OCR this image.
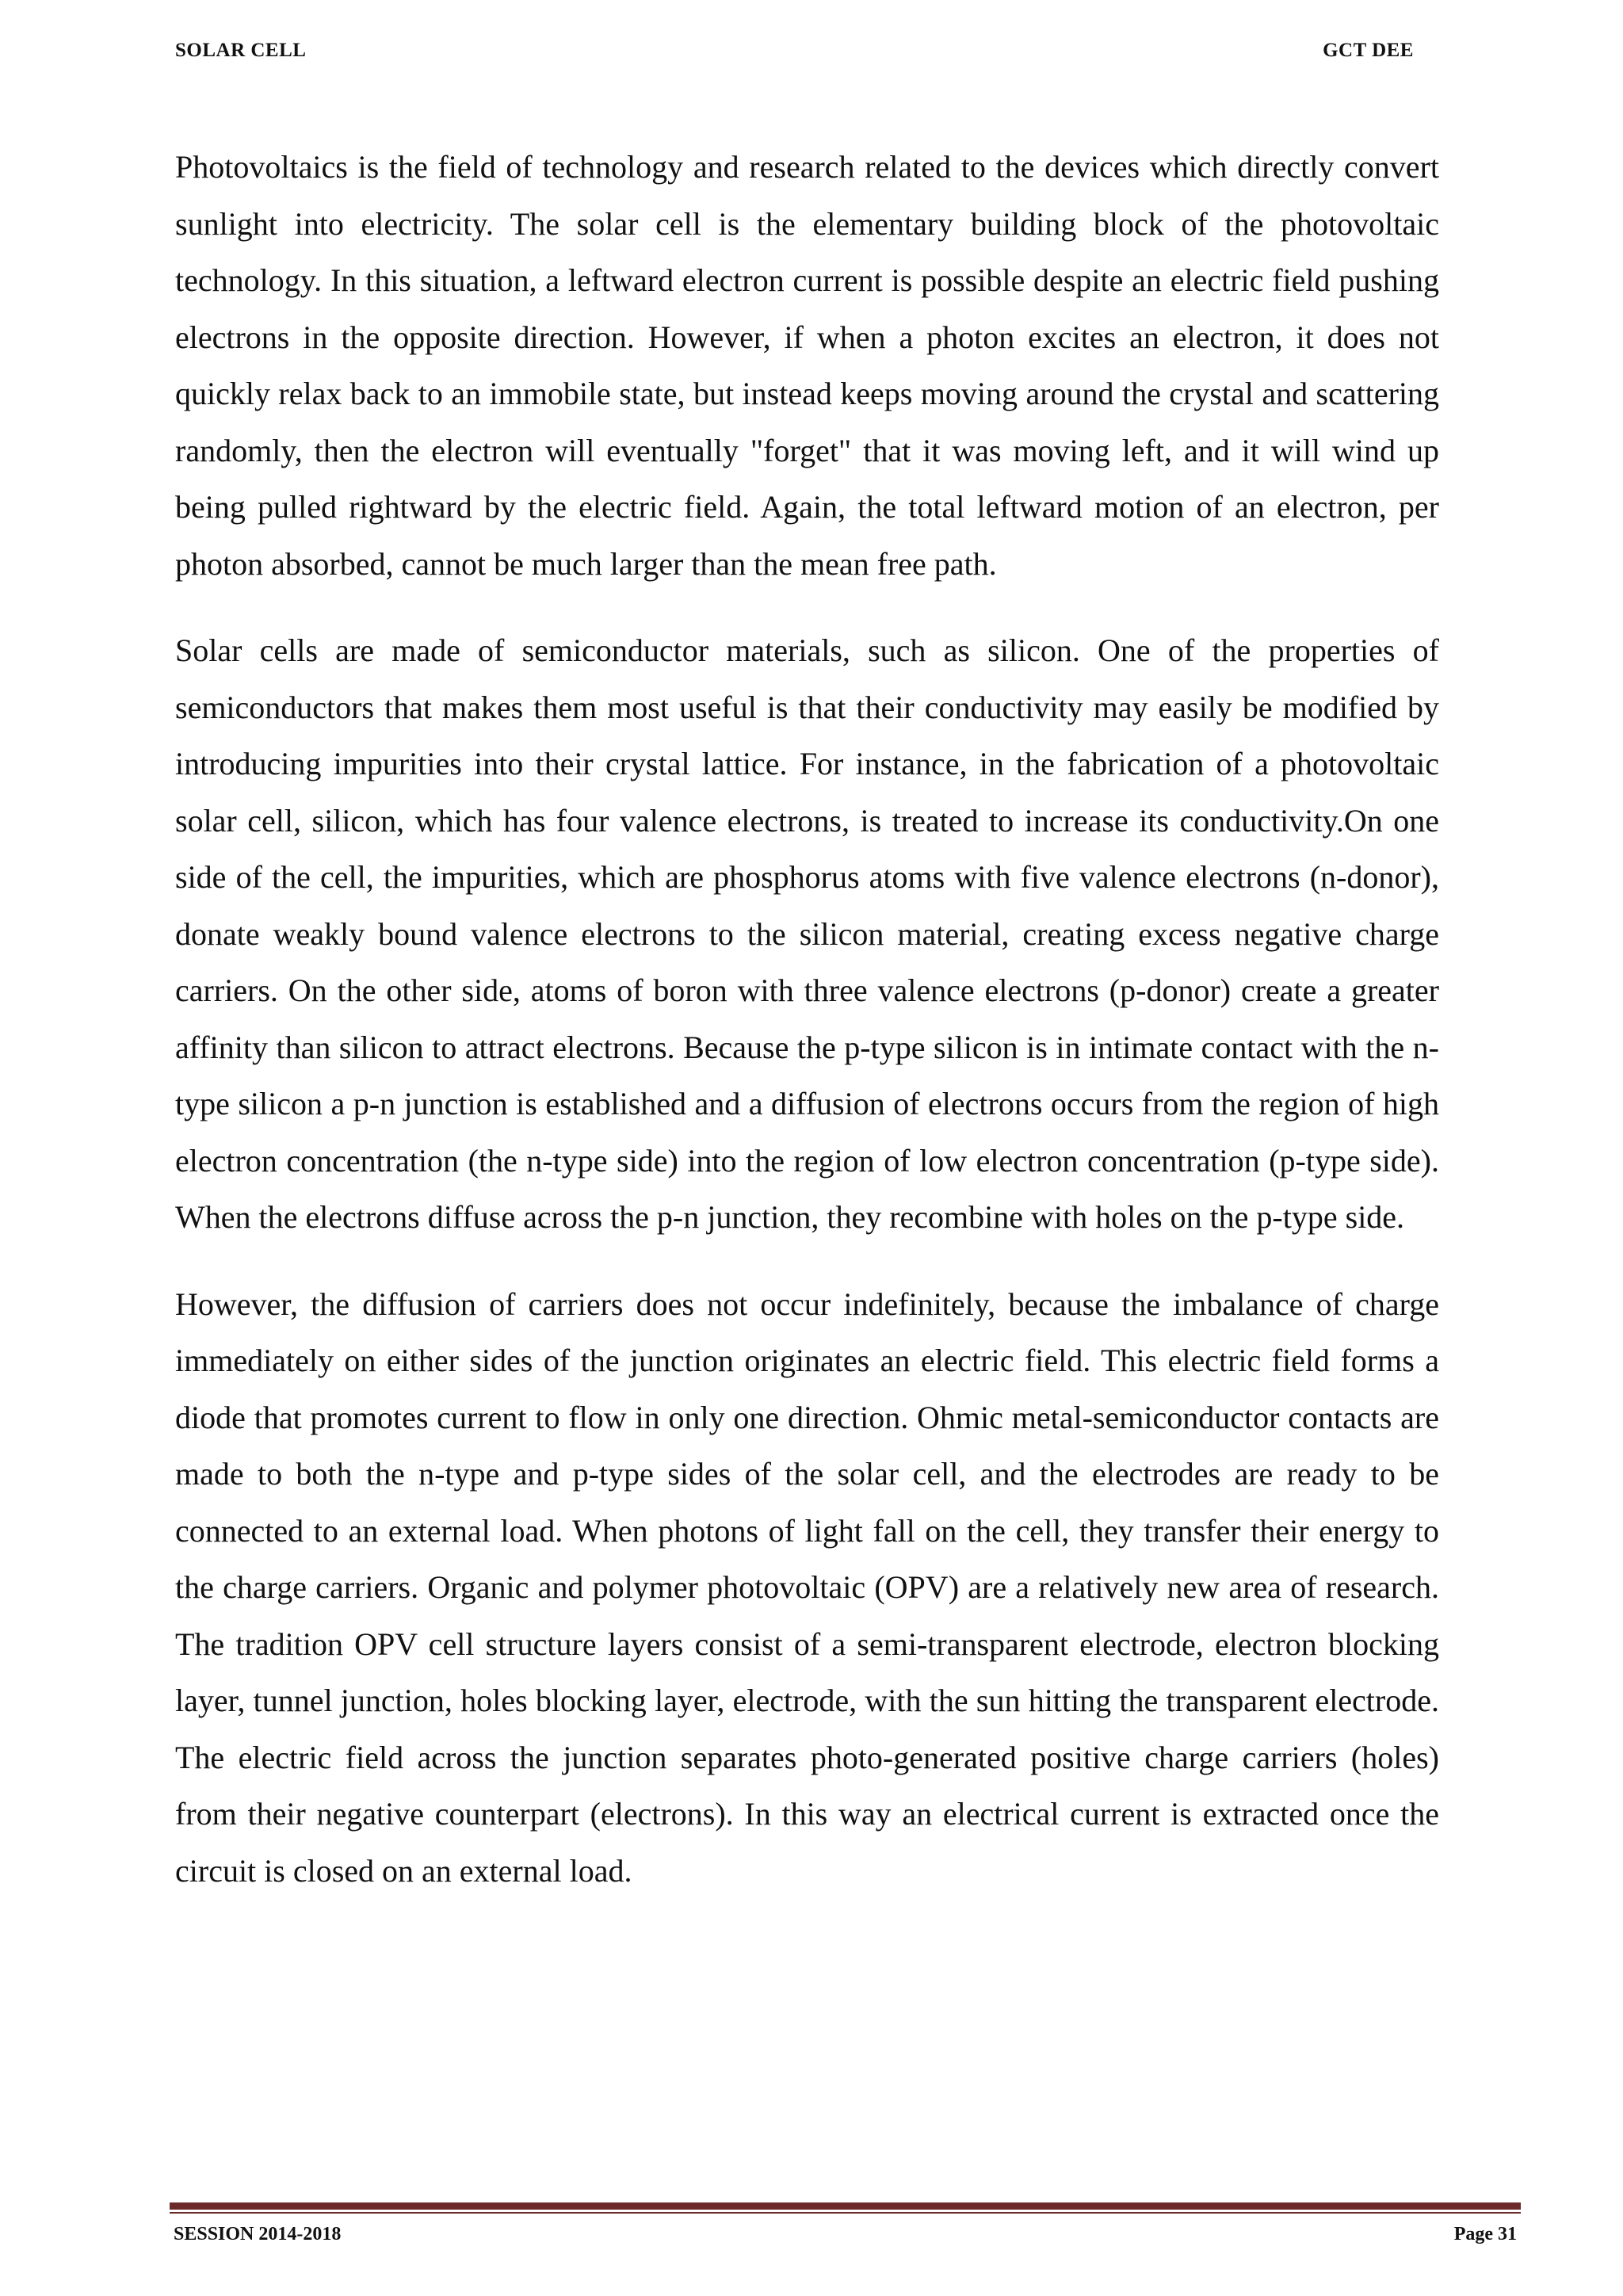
SOLAR CELL	GCT DEE

Photovoltaics is the field of technology and research related to the devices which directly convert sunlight into electricity. The solar cell is the elementary building block of the photovoltaic technology. In this situation, a leftward electron current is possible despite an electric field pushing electrons in the opposite direction. However, if when a photon excites an electron, it does not quickly relax back to an immobile state, but instead keeps moving around the crystal and scattering randomly, then the electron will eventually "forget" that it was moving left, and it will wind up being pulled rightward by the electric field. Again, the total leftward motion of an electron, per photon absorbed, cannot be much larger than the mean free path.

Solar cells are made of semiconductor materials, such as silicon. One of the properties of semiconductors that makes them most useful is that their conductivity may easily be modified by introducing impurities into their crystal lattice. For instance, in the fabrication of a photovoltaic solar cell, silicon, which has four valence electrons, is treated to increase its conductivity.On one side of the cell, the impurities, which are phosphorus atoms with five valence electrons (n-donor), donate weakly bound valence electrons to the silicon material, creating excess negative charge carriers. On the other side, atoms of boron with three valence electrons (p-donor) create a greater affinity than silicon to attract electrons. Because the p-type silicon is in intimate contact with the n-type silicon a p-n junction is established and a diffusion of electrons occurs from the region of high electron concentration (the n-type side) into the region of low electron concentration (p-type side). When the electrons diffuse across the p-n junction, they recombine with holes on the p-type side.

However, the diffusion of carriers does not occur indefinitely, because the imbalance of charge immediately on either sides of the junction originates an electric field. This electric field forms a diode that promotes current to flow in only one direction. Ohmic metal-semiconductor contacts are made to both the n-type and p-type sides of the solar cell, and the electrodes are ready to be connected to an external load. When photons of light fall on the cell, they transfer their energy to the charge carriers. Organic and polymer photovoltaic (OPV) are a relatively new area of research. The tradition OPV cell structure layers consist of a semi-transparent electrode, electron blocking layer, tunnel junction, holes blocking layer, electrode, with the sun hitting the transparent electrode. The electric field across the junction separates photo-generated positive charge carriers (holes) from their negative counterpart (electrons). In this way an electrical current is extracted once the circuit is closed on an external load.

SESSION 2014-2018	Page 31
